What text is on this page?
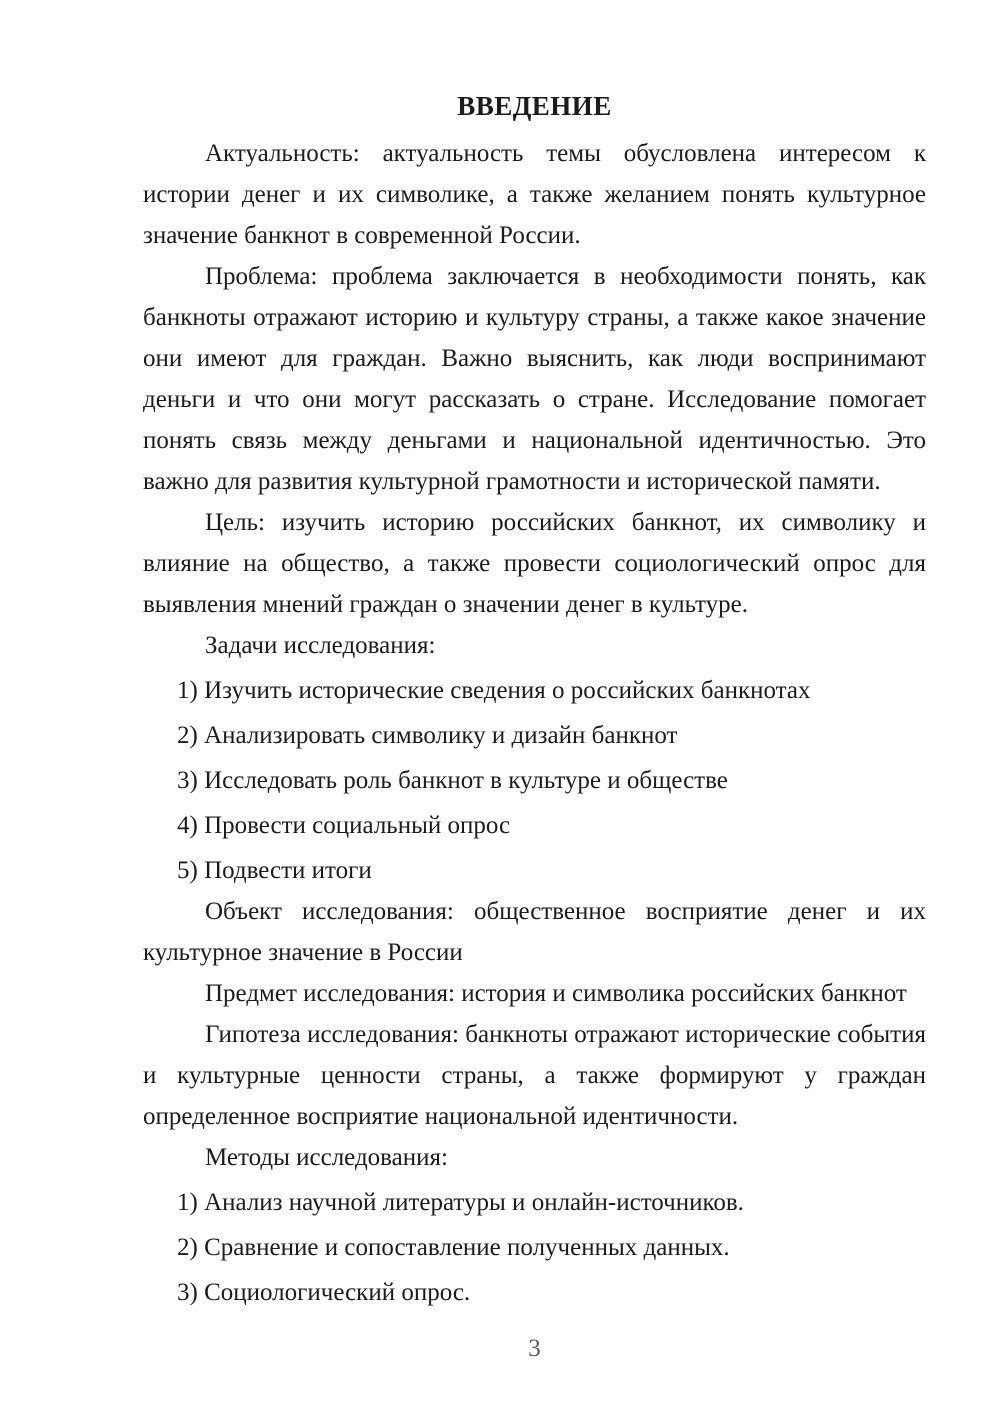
ВВЕДЕНИЕ

Актуальность: актуальность темы обусловлена интересом к истории денег и их символике, а также желанием понять культурное значение банкнот в современной России.

Проблема: проблема заключается в необходимости понять, как банкноты отражают историю и культуру страны, а также какое значение они имеют для граждан. Важно выяснить, как люди воспринимают деньги и что они могут рассказать о стране. Исследование помогает понять связь между деньгами и национальной идентичностью. Это важно для развития культурной грамотности и исторической памяти.

Цель: изучить историю российских банкнот, их символику и влияние на общество, а также провести социологический опрос для выявления мнений граждан о значении денег в культуре.

Задачи исследования:

1) Изучить исторические сведения о российских банкнотах

2) Анализировать символику и дизайн банкнот

3) Исследовать роль банкнот в культуре и обществе

4) Провести социальный опрос

5) Подвести итоги

Объект исследования: общественное восприятие денег и их культурное значение в России

Предмет исследования: история и символика российских банкнот

Гипотеза исследования: банкноты отражают исторические события и культурные ценности страны, а также формируют у граждан определенное восприятие национальной идентичности.

Методы исследования:

1) Анализ научной литературы и онлайн-источников.

2) Сравнение и сопоставление полученных данных.

3) Социологический опрос.

3
